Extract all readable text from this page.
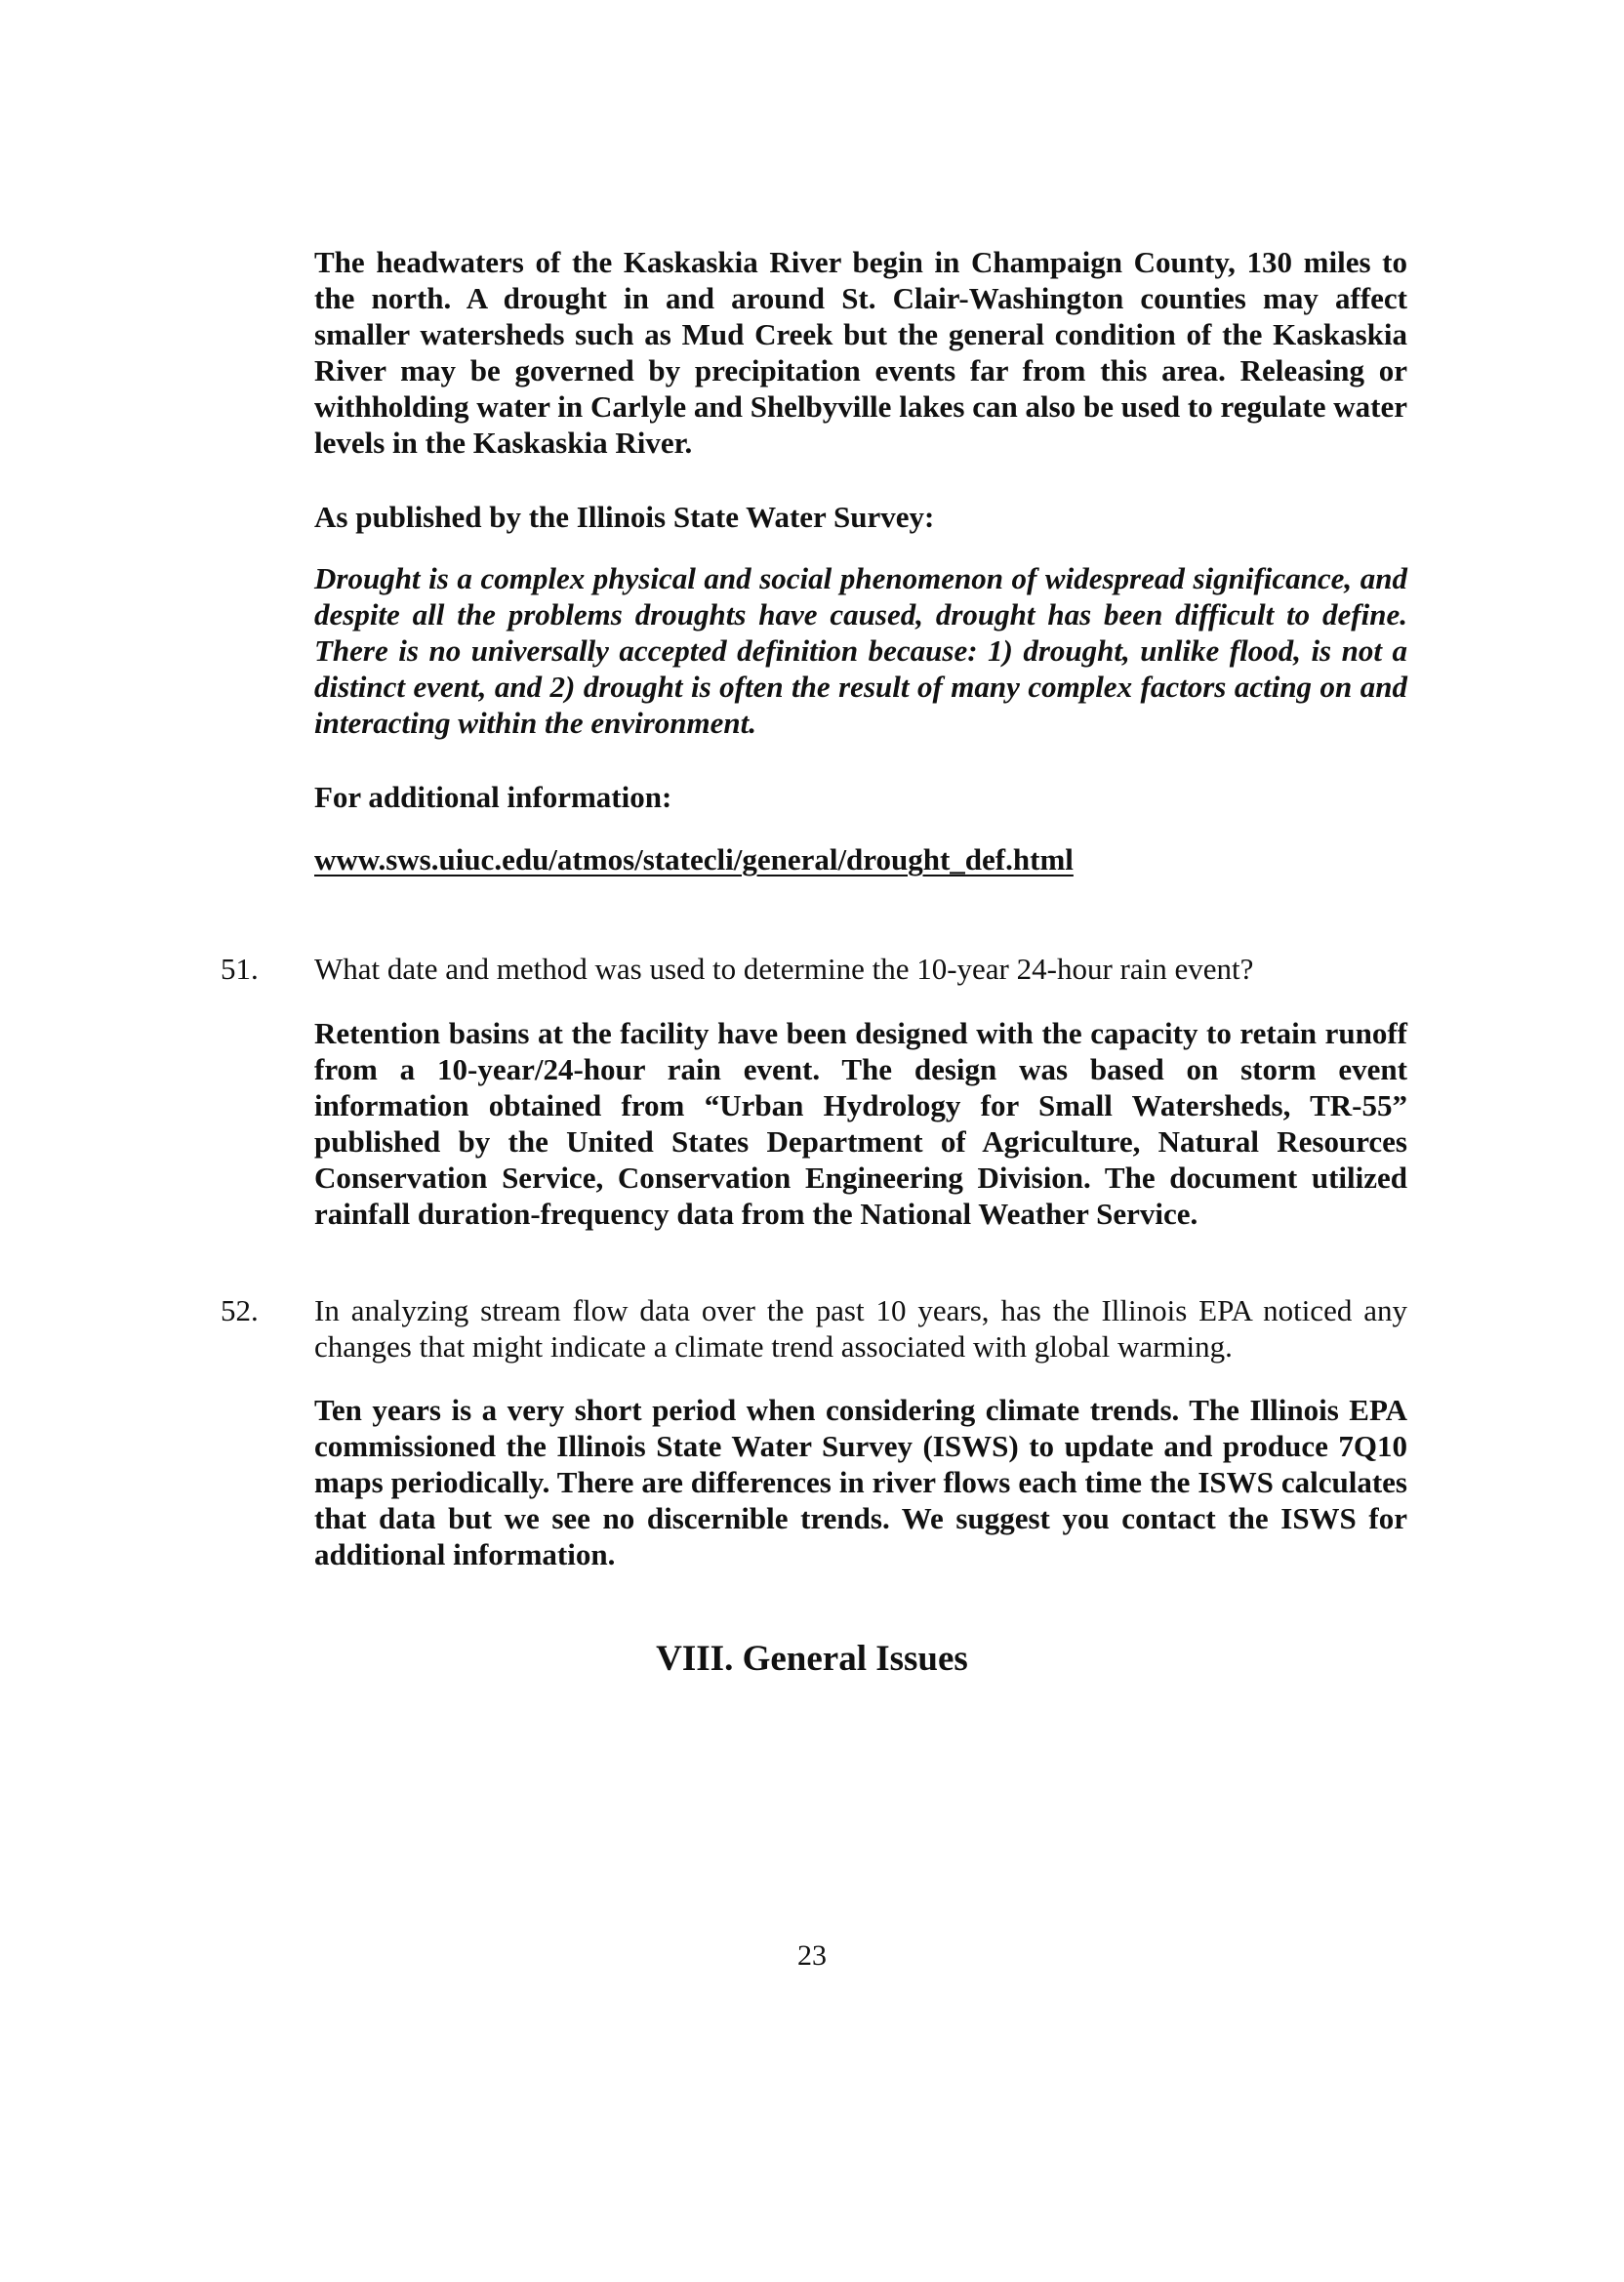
The headwaters of the Kaskaskia River begin in Champaign County, 130 miles to the north. A drought in and around St. Clair-Washington counties may affect smaller watersheds such as Mud Creek but the general condition of the Kaskaskia River may be governed by precipitation events far from this area. Releasing or withholding water in Carlyle and Shelbyville lakes can also be used to regulate water levels in the Kaskaskia River.

As published by the Illinois State Water Survey:

Drought is a complex physical and social phenomenon of widespread significance, and despite all the problems droughts have caused, drought has been difficult to define. There is no universally accepted definition because: 1) drought, unlike flood, is not a distinct event, and 2) drought is often the result of many complex factors acting on and interacting within the environment.

For additional information:

www.sws.uiuc.edu/atmos/statecli/general/drought_def.html

51. What date and method was used to determine the 10-year 24-hour rain event?

Retention basins at the facility have been designed with the capacity to retain runoff from a 10-year/24-hour rain event. The design was based on storm event information obtained from “Urban Hydrology for Small Watersheds, TR-55” published by the United States Department of Agriculture, Natural Resources Conservation Service, Conservation Engineering Division. The document utilized rainfall duration-frequency data from the National Weather Service.

52. In analyzing stream flow data over the past 10 years, has the Illinois EPA noticed any changes that might indicate a climate trend associated with global warming.

Ten years is a very short period when considering climate trends. The Illinois EPA commissioned the Illinois State Water Survey (ISWS) to update and produce 7Q10 maps periodically. There are differences in river flows each time the ISWS calculates that data but we see no discernible trends. We suggest you contact the ISWS for additional information.

VIII. General Issues

23
